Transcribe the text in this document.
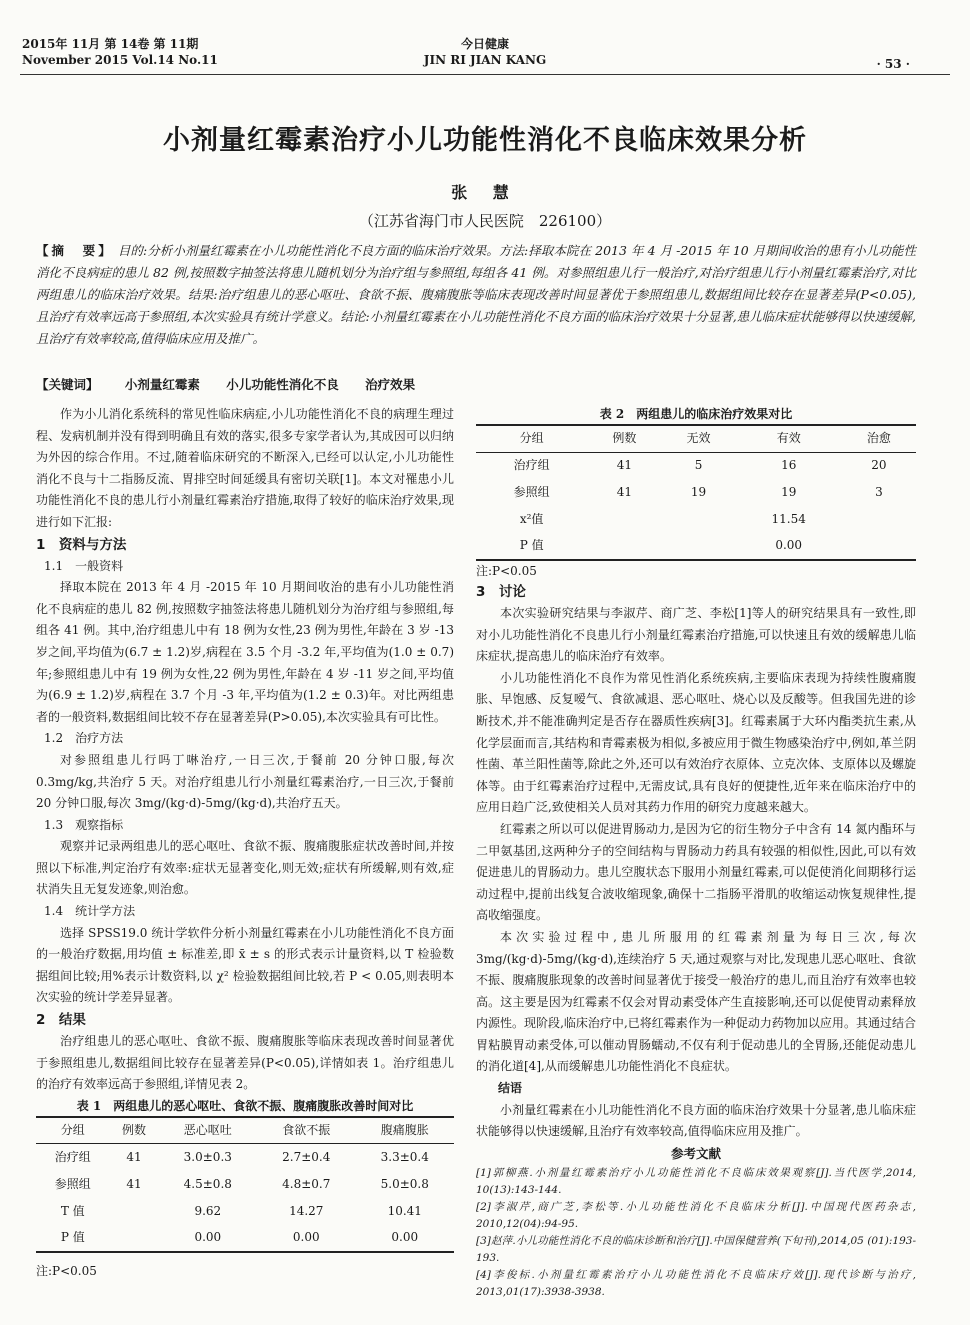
2015年 11月 第 14卷 第 11期
November 2015 Vol.14 No.11
今日健康
JIN RI JIAN KANG	· 53 ·
小剂量红霉素治疗小儿功能性消化不良临床效果分析
张 慧
（江苏省海门市人民医院　226100）
【摘　要】 目的:分析小剂量红霉素在小儿功能性消化不良方面的临床治疗效果。方法:择取本院在 2013 年 4 月 -2015 年 10 月期间收治的患有小儿功能性消化不良病症的患儿 82 例,按照数字抽签法将患儿随机划分为治疗组与参照组,每组各 41 例。对参照组患儿行一般治疗,对治疗组患儿行小剂量红霉素治疗,对比两组患儿的临床治疗效果。结果:治疗组患儿的恶心呕吐、食欲不振、腹痛腹胀等临床表现改善时间显著优于参照组患儿,数据组间比较存在显著差异(P<0.05),且治疗有效率远高于参照组,本次实验具有统计学意义。结论:小剂量红霉素在小儿功能性消化不良方面的临床治疗效果十分显著,患儿临床症状能够得以快速缓解,且治疗有效率较高,值得临床应用及推广。
【关键词】 小剂量红霉素 小儿功能性消化不良 治疗效果

作为小儿消化系统科的常见性临床病症,小儿功能性消化不良的病理生理过程、发病机制并没有得到明确且有效的落实,很多专家学者认为,其成因可以归纳为外因的综合作用。不过,随着临床研究的不断深入,已经可以认定,小儿功能性消化不良与十二指肠反流、胃排空时间延缓具有密切关联[1]。本文对罹患小儿功能性消化不良的患儿行小剂量红霉素治疗措施,取得了较好的临床治疗效果,现进行如下汇报:

1　资料与方法
1.1　一般资料

择取本院在 2013 年 4 月 -2015 年 10 月期间收治的患有小儿功能性消化不良病症的患儿 82 例,按照数字抽签法将患儿随机划分为治疗组与参照组,每组各 41 例。其中,治疗组患儿中有 18 例为女性,23 例为男性,年龄在 3 岁 -13 岁之间,平均值为(6.7 ± 1.2)岁,病程在 3.5 个月 -3.2 年,平均值为(1.0 ± 0.7)年;参照组患儿中有 19 例为女性,22 例为男性,年龄在 4 岁 -11 岁之间,平均值为(6.9 ± 1.2)岁,病程在 3.7 个月 -3 年,平均值为(1.2 ± 0.3)年。对比两组患者的一般资料,数据组间比较不存在显著差异(P>0.05),本次实验具有可比性。

1.2　治疗方法

对参照组患儿行吗丁啉治疗,一日三次,于餐前 20 分钟口服,每次 0.3mg/kg,共治疗 5 天。对治疗组患儿行小剂量红霉素治疗,一日三次,于餐前 20 分钟口服,每次 3mg/(kg·d)-5mg/(kg·d),共治疗五天。

1.3　观察指标

观察并记录两组患儿的恶心呕吐、食欲不振、腹痛腹胀症状改善时间,并按照以下标准,判定治疗有效率:症状无显著变化,则无效;症状有所缓解,则有效,症状消失且无复发迹象,则治愈。

1.4　统计学方法

选择 SPSS19.0 统计学软件分析小剂量红霉素在小儿功能性消化不良方面的一般治疗数据,用均值 ± 标准差,即 x̄ ± s 的形式表示计量资料,以 T 检验数据组间比较;用%表示计数资料,以 χ² 检验数据组间比较,若 P < 0.05,则表明本次实验的统计学差异显著。

2　结果

治疗组患儿的恶心呕吐、食欲不振、腹痛腹胀等临床表现改善时间显著优于参照组患儿,数据组间比较存在显著差异(P<0.05),详情如表 1。治疗组患儿的治疗有效率远高于参照组,详情见表 2。

表 1　两组患儿的恶心呕吐、食欲不振、腹痛腹胀改善时间对比
分组	例数	恶心呕吐	食欲不振	腹痛腹胀
治疗组	41	3.0±0.3	2.7±0.4	3.3±0.4
参照组	41	4.5±0.8	4.8±0.7	5.0±0.8
T 值		9.62	14.27	10.41
P 值		0.00	0.00	0.00
注:P<0.05
表 2　两组患儿的临床治疗效果对比
分组	例数	无效	有效	治愈
治疗组	41	5	16	20
参照组	41	19	19	3
x²值			11.54	
P 值			0.00	
注:P<0.05
3　讨论

本次实验研究结果与李淑芹、商广芝、李松[1]等人的研究结果具有一致性,即对小儿功能性消化不良患儿行小剂量红霉素治疗措施,可以快速且有效的缓解患儿临床症状,提高患儿的临床治疗有效率。

小儿功能性消化不良作为常见性消化系统疾病,主要临床表现为持续性腹痛腹胀、早饱感、反复嗳气、食欲减退、恶心呕吐、烧心以及反酸等。但我国先进的诊断技术,并不能准确判定是否存在器质性疾病[3]。红霉素属于大环内酯类抗生素,从化学层面而言,其结构和青霉素极为相似,多被应用于微生物感染治疗中,例如,革兰阴性菌、革兰阳性菌等,除此之外,还可以有效治疗衣原体、立克次体、支原体以及螺旋体等。由于红霉素治疗过程中,无需皮试,具有良好的便捷性,近年来在临床治疗中的应用日趋广泛,致使相关人员对其药力作用的研究力度越来越大。

红霉素之所以可以促进胃肠动力,是因为它的衍生物分子中含有 14 氮内酯环与二甲氨基团,这两种分子的空间结构与胃肠动力药具有较强的相似性,因此,可以有效促进患儿的胃肠动力。患儿空腹状态下服用小剂量红霉素,可以促使消化间期移行运动过程中,提前出线复合波收缩现象,确保十二指肠平滑肌的收缩运动恢复规律性,提高收缩强度。

本次实验过程中,患儿所服用的红霉素剂量为每日三次,每次 3mg/(kg·d)-5mg/(kg·d),连续治疗 5 天,通过观察与对比,发现患儿恶心呕吐、食欲不振、腹痛腹胀现象的改善时间显著优于接受一般治疗的患儿,而且治疗有效率也较高。这主要是因为红霉素不仅会对胃动素受体产生直接影响,还可以促使胃动素释放内源性。现阶段,临床治疗中,已将红霉素作为一种促动力药物加以应用。其通过结合胃粘膜胃动素受体,可以催动胃肠蠕动,不仅有利于促动患儿的全胃肠,还能促动患儿的消化道[4],从而缓解患儿功能性消化不良症状。

结语

小剂量红霉素在小儿功能性消化不良方面的临床治疗效果十分显著,患儿临床症状能够得以快速缓解,且治疗有效率较高,值得临床应用及推广。

参考文献
[1]郭柳燕.小剂量红霉素治疗小儿功能性消化不良临床效果观察[J].当代医学,2014, 10(13):143-144.
[2]李淑芹,商广芝,李松等.小儿功能性消化不良临床分析[J].中国现代医药杂志, 2010,12(04):94-95.
[3]赵萍.小儿功能性消化不良的临床诊断和治疗[J].中国保健营养(下旬刊),2014,05 (01):193-193.
[4]李俊标.小剂量红霉素治疗小儿功能性消化不良临床疗效[J].现代诊断与治疗, 2013,01(17):3938-3938.
